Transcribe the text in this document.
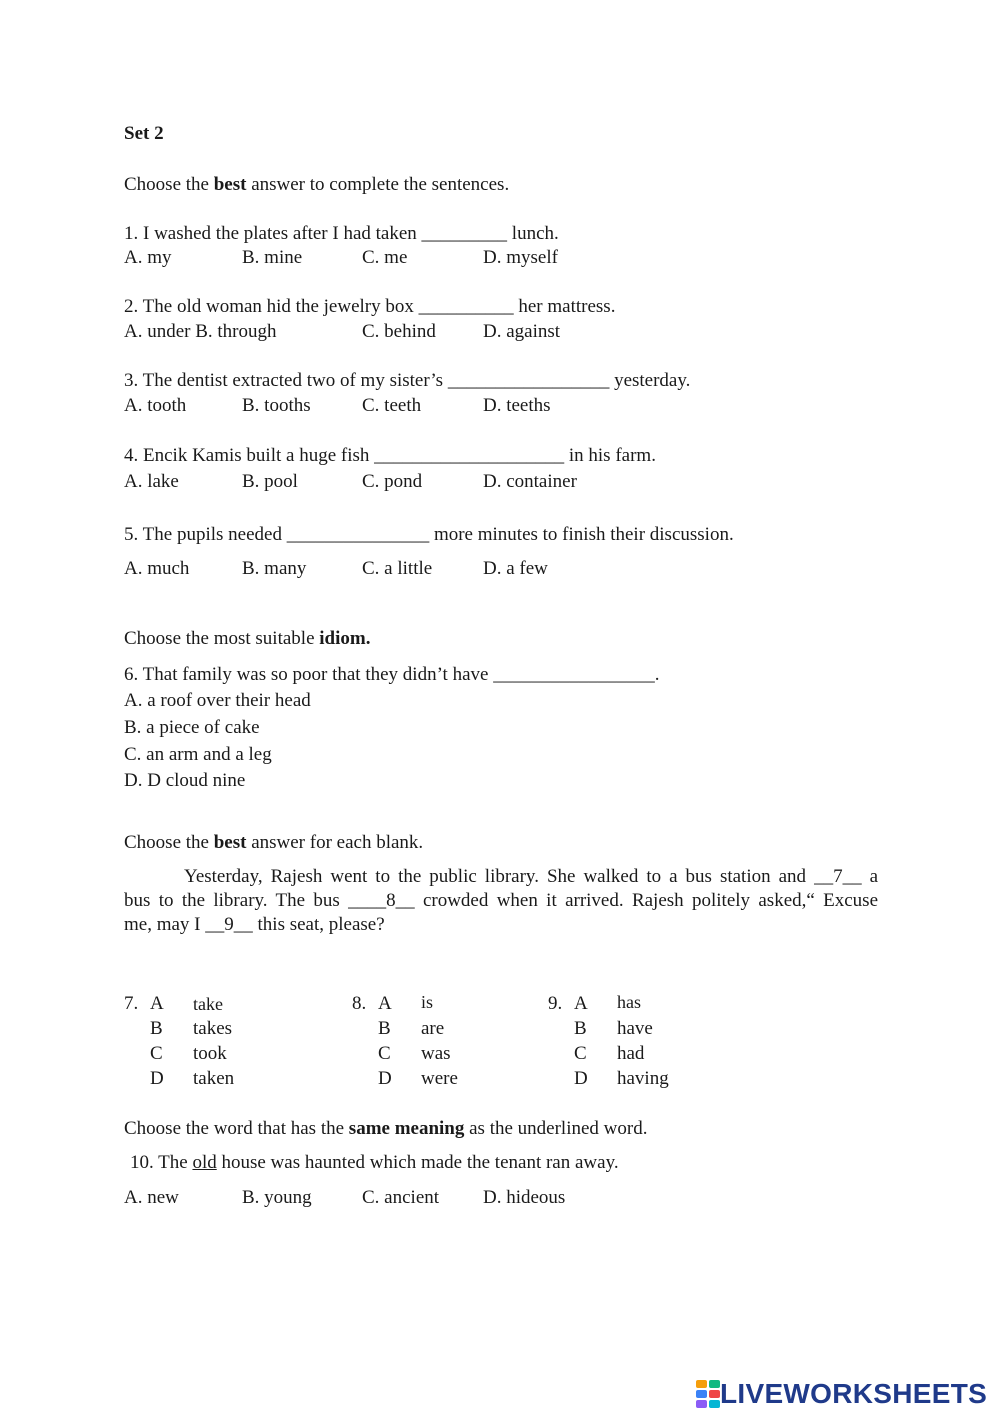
Set 2
Choose the best answer to complete the sentences.
1. I washed the plates after I had taken _________ lunch.
A. my	B. mine	C. me	D. myself
2. The old woman hid the jewelry box __________ her mattress.
A. under B. through	C. behind D. against
3. The dentist extracted two of my sister’s _________________ yesterday.
A. tooth	B. tooths	C. teeth	D. teeths
4. Encik Kamis built a huge fish ____________________ in his farm.
A. lake	B. pool	C. pond	D. container
5. The pupils needed _______________ more minutes to finish their discussion.
A. much	B. many	C. a little	D. a few
Choose the most suitable idiom.
6. That family was so poor that they didn’t have _________________.
A. a roof over their head
B. a piece of cake
C. an arm and a leg
D. D cloud nine
Choose the best answer for each blank.
Yesterday, Rajesh went to the public library. She walked to a bus station and __7__ a
bus to the library. The bus ____8__ crowded when it arrived. Rajesh politely asked,“ Excuse
me, may I __9__ this seat, please?
7. A take
B takes
C took
D taken
8. A is
B are
C was
D were
9. A has
B have
C had
D having
Choose the word that has the same meaning as the underlined word.
10. The old house was haunted which made the tenant ran away.
A. new	B. young	C. ancient D. hideous
LIVEWORKSHEETS
